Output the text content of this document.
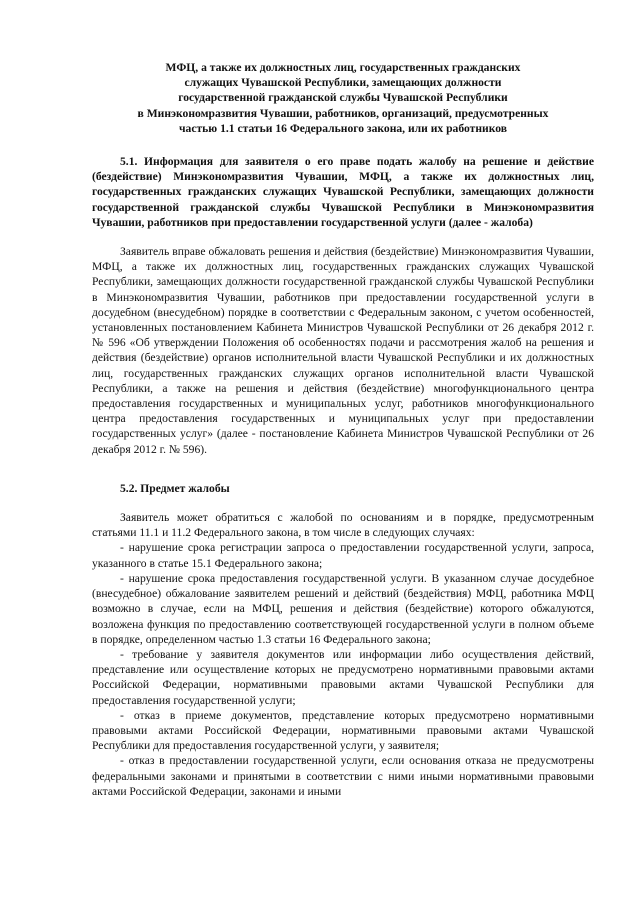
МФЦ, а также их должностных лиц, государственных гражданских
служащих Чувашской Республики, замещающих должности
государственной гражданской службы Чувашской Республики
в Минэкономразвития Чувашии, работников, организаций, предусмотренных
частью 1.1 статьи 16 Федерального закона, или их работников

5.1. Информация для заявителя о его праве подать жалобу на решение и действие (бездействие) Минэкономразвития Чувашии, МФЦ, а также их должностных лиц, государственных гражданских служащих Чувашской Республики, замещающих должности государственной гражданской службы Чувашской Республики в Минэкономразвития Чувашии, работников при предоставлении государственной услуги (далее - жалоба)

Заявитель вправе обжаловать решения и действия (бездействие) Минэкономразвития Чувашии, МФЦ, а также их должностных лиц, государственных гражданских служащих Чувашской Республики, замещающих должности государственной гражданской службы Чувашской Республики в Минэкономразвития Чувашии, работников при предоставлении государственной услуги в досудебном (внесудебном) порядке в соответствии с Федеральным законом, с учетом особенностей, установленных постановлением Кабинета Министров Чувашской Республики от 26 декабря 2012 г. № 596 «Об утверждении Положения об особенностях подачи и рассмотрения жалоб на решения и действия (бездействие) органов исполнительной власти Чувашской Республики и их должностных лиц, государственных гражданских служащих органов исполнительной власти Чувашской Республики, а также на решения и действия (бездействие) многофункционального центра предоставления государственных и муниципальных услуг, работников многофункционального центра предоставления государственных и муниципальных услуг при предоставлении государственных услуг» (далее - постановление Кабинета Министров Чувашской Республики от 26 декабря 2012 г. № 596).

5.2. Предмет жалобы

Заявитель может обратиться с жалобой по основаниям и в порядке, предусмотренным статьями 11.1 и 11.2 Федерального закона, в том числе в следующих случаях:

- нарушение срока регистрации запроса о предоставлении государственной услуги, запроса, указанного в статье 15.1 Федерального закона;

- нарушение срока предоставления государственной услуги. В указанном случае досудебное (внесудебное) обжалование заявителем решений и действий (бездействия) МФЦ, работника МФЦ возможно в случае, если на МФЦ, решения и действия (бездействие) которого обжалуются, возложена функция по предоставлению соответствующей государственной услуги в полном объеме в порядке, определенном частью 1.3 статьи 16 Федерального закона;

- требование у заявителя документов или информации либо осуществления действий, представление или осуществление которых не предусмотрено нормативными правовыми актами Российской Федерации, нормативными правовыми актами Чувашской Республики для предоставления государственной услуги;

- отказ в приеме документов, представление которых предусмотрено нормативными правовыми актами Российской Федерации, нормативными правовыми актами Чувашской Республики для предоставления государственной услуги, у заявителя;

- отказ в предоставлении государственной услуги, если основания отказа не предусмотрены федеральными законами и принятыми в соответствии с ними иными нормативными правовыми актами Российской Федерации, законами и иными
